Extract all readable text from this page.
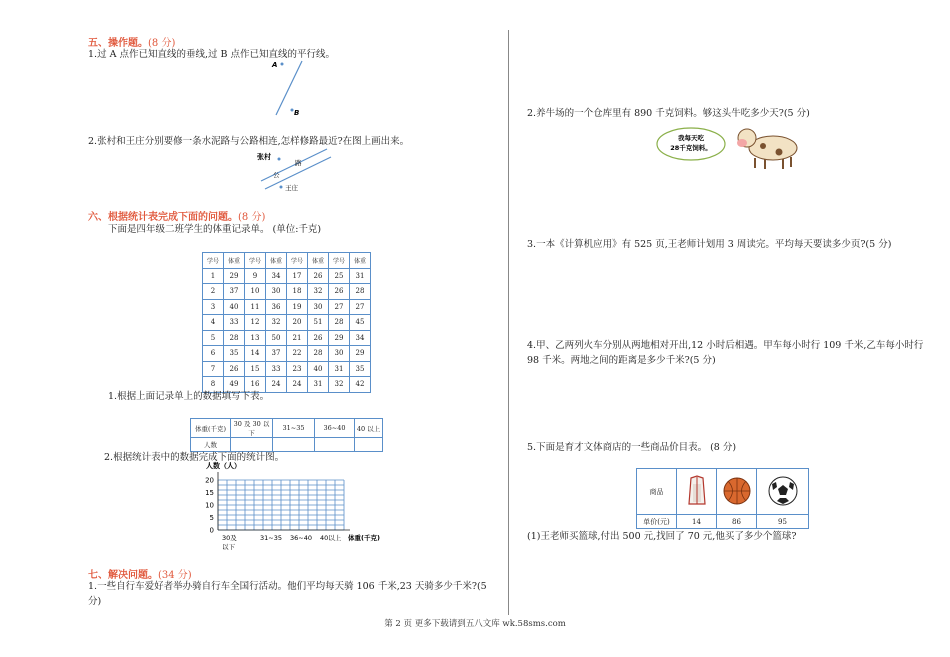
五、操作题。(8 分)
1.过 A 点作已知直线的垂线,过 B 点作已知直线的平行线。
A
B
2.张村和王庄分别要修一条水泥路与公路相连,怎样修路最近?在图上画出来。
张村
公
路
王庄
六、根据统计表完成下面的问题。(8 分)
下面是四年级二班学生的体重记录单。 (单位:千克)
学号	体重	学号	体重	学号	体重	学号	体重
1	29	9	34	17	26	25	31
2	37	10	30	18	32	26	28
3	40	11	36	19	30	27	27
4	33	12	32	20	51	28	45
5	28	13	50	21	26	29	34
6	35	14	37	22	28	30	29
7	26	15	33	23	40	31	35
8	49	16	24	24	31	32	42
1.根据上面记录单上的数据填写下表。
体重(千克)	30 及 30 以下	31~35	36~40	40 以上
人数				
2.根据统计表中的数据完成下面的统计图。
人数（人）
20
15
10
5
0
30及
以下
31~35 36~40 40以上 体重(千克)
七、解决问题。(34 分)
1.一些自行车爱好者举办骑自行车全国行活动。他们平均每天骑 106 千米,23 天骑多少千米?(5 分)
2.养牛场的一个仓库里有 890 千克饲料。够这头牛吃多少天?(5 分)
我每天吃
28千克饲料。
3.一本《计算机应用》有 525 页,王老师计划用 3 周读完。平均每天要读多少页?(5 分)
4.甲、乙两列火车分别从两地相对开出,12 小时后相遇。甲车每小时行 109 千米,乙车每小时行 98 千米。两地之间的距离是多少千米?(5 分)
5.下面是育才文体商店的一些商品价目表。 (8 分)
商品			
单价(元)	14	86	95
(1)王老师买篮球,付出 500 元,找回了 70 元,他买了多少个篮球?
第 2 页 更多下载请到五八文库 wk.58sms.com
